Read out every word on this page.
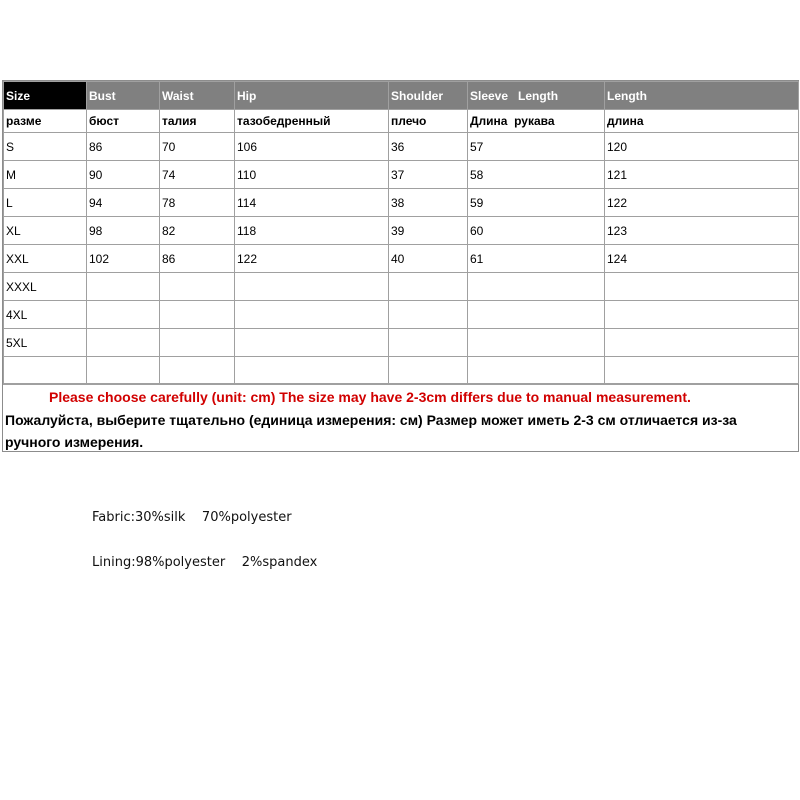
Size	Bust	Waist	Hip	Shoulder	Sleeve   Length	Length
разме	бюст	талия	тазобедренный	плечо	Длина  рукава	длина
S	86	70	106	36	57	120
M	90	74	110	37	58	121
L	94	78	114	38	59	122
XL	98	82	118	39	60	123
XXL	102	86	122	40	61	124
XXXL						
4XL						
5XL						

Please choose carefully (unit: cm) The size may have 2-3cm differs due to manual measurement.
Пожалуйста, выберите тщательно (единица измерения: см) Размер может иметь 2-3 см отличается из-за ручного измерения.
Fabric:30%silk    70%polyester
Lining:98%polyester    2%spandex
